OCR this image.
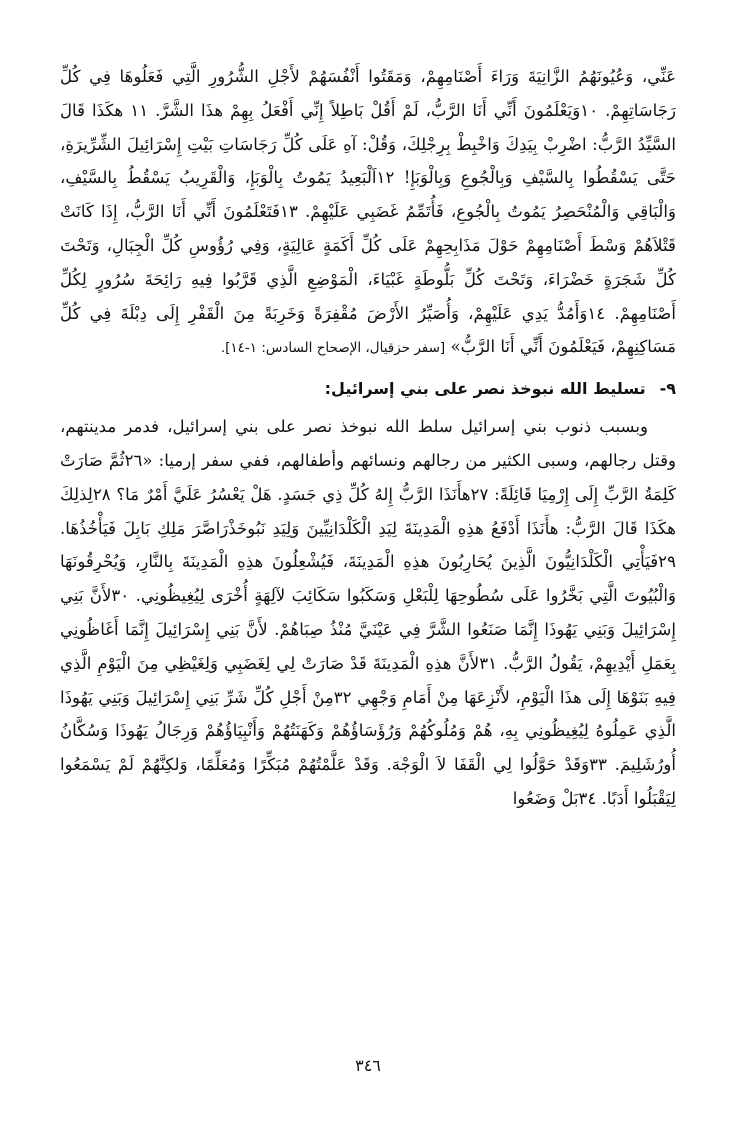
عَنِّي، وَعُيُونَهُمُ الزَّانِيَةَ وَرَاءَ أَصْنَامِهِمْ، وَمَقَتُوا أَنْفُسَهُمْ لأَجْلِ الشُّرُورِ الَّتِي فَعَلُوهَا فِي كُلِّ رَجَاسَاتِهِمْ. ١٠وَيَعْلَمُونَ أَنِّي أَنَا الرَّبُّ، لَمْ أَقُلْ بَاطِلاً إِنِّي أَفْعَلُ بِهِمْ هذَا الشَّرَّ. ١١ هكَذَا قَالَ السَّيِّدُ الرَّبُّ: اضْرِبْ بِيَدِكَ وَاخْبِطْ بِرِجْلِكَ، وَقُلْ: آهِ عَلَى كُلِّ رَجَاسَاتِ بَيْتِ إِسْرَائِيلَ الشِّرِّيرَةِ، حَتَّى يَسْقُطُوا بِالسَّيْفِ وَبِالْجُوعِ وَبِالْوَبَإِ! ١٢اَلْبَعِيدُ يَمُوتُ بِالْوَبَإِ، وَالْقَرِيبُ يَسْقُطُ بِالسَّيْفِ، وَالْبَاقِي وَالْمُنْحَصِرُ يَمُوتُ بِالْجُوعِ، فَأُتَمِّمُ غَضَبِي عَلَيْهِمْ. ١٣فَتَعْلَمُونَ أَنِّي أَنَا الرَّبُّ، إِذَا كَانَتْ قَتْلاَهُمْ وَسْطَ أَصْنَامِهِمْ حَوْلَ مَذَابِحِهِمْ عَلَى كُلِّ أَكَمَةٍ عَالِيَةٍ، وَفِي رُؤُوسِ كُلِّ الْجِبَالِ، وَتَحْتَ كُلِّ شَجَرَةٍ خَضْرَاءَ، وَتَحْتَ كُلِّ بَلُّوطَةٍ غَبْيَاءَ، الْمَوْضِعِ الَّذِي قَرَّبُوا فِيهِ رَائِحَةَ سُرُورٍ لِكُلِّ أَصْنَامِهِمْ. ١٤وَأَمُدُّ يَدِي عَلَيْهِمْ، وَأُصَيِّرُ الأَرْضَ مُقْفِرَةً وَخَرِبَةً مِنَ الْقَفْرِ إِلَى دِبْلَةَ فِي كُلِّ مَسَاكِنِهِمْ، فَيَعْلَمُونَ أَنِّي أَنَا الرَّبُّ» [سفر حزقيال، الإصحاح السادس: ١-١٤].

٩-تسليط الله نبوخذ نصر على بني إسرائيل:

وبسبب ذنوب بني إسرائيل سلط الله نبوخذ نصر على بني إسرائيل، فدمر مدينتهم، وقتل رجالهم، وسبى الكثير من رجالهم ونسائهم وأطفالهم، ففي سفر إرميا: «٢٦ثُمَّ صَارَتْ كَلِمَةُ الرَّبِّ إِلَى إِرْمِيَا قَائِلَةً: ٢٧هأَنَذَا الرَّبُّ إِلهُ كُلِّ ذِي جَسَدٍ. هَلْ يَعْسُرُ عَلَيَّ أَمْرٌ مَا؟ ٢٨لِذلِكَ هكَذَا قَالَ الرَّبُّ: هأَنَذَا أَدْفَعُ هذِهِ الْمَدِينَةَ لِيَدِ الْكَلْدَانِيِّينَ وَلِيَدِ نَبُوخَذْرَاصَّرَ مَلِكِ بَابِلَ فَيَأْخُذُهَا. ٢٩فَيَأْتِي الْكَلْدَانِيُّونَ الَّذِينَ يُحَارِبُونَ هذِهِ الْمَدِينَةَ، فَيُشْعِلُونَ هذِهِ الْمَدِينَةَ بِالنَّارِ، وَيُحْرِقُونَهَا وَالْبُيُوتَ الَّتِي بَخَّرُوا عَلَى سُطُوحِهَا لِلْبَعْلِ وَسَكَبُوا سَكَائِبَ لآلِهَةٍ أُخْرَى لِيُغِيظُونِي. ٣٠لأَنَّ بَنِي إِسْرَائِيلَ وَبَنِي يَهُوذَا إِنَّمَا صَنَعُوا الشَّرَّ فِي عَيْنَيَّ مُنْذُ صِبَاهُمْ. لأَنَّ بَنِي إِسْرَائِيلَ إِنَّمَا أَغَاظُونِي بِعَمَلِ أَيْدِيهِمْ، يَقُولُ الرَّبُّ. ٣١لأَنَّ هذِهِ الْمَدِينَةَ قَدْ صَارَتْ لِي لِغَضَبِي وَلِغَيْظِي مِنَ الْيَوْمِ الَّذِي فِيهِ بَنَوْهَا إِلَى هذَا الْيَوْمِ، لأَنْزِعَهَا مِنْ أَمَامِ وَجْهِي ٣٢مِنْ أَجْلِ كُلِّ شَرِّ بَنِي إِسْرَائِيلَ وَبَنِي يَهُوذَا الَّذِي عَمِلُوهُ لِيُغِيظُونِي بِهِ، هُمْ وَمُلُوكُهُمْ وَرُؤَسَاؤُهُمْ وَكَهَنَتُهُمْ وَأَنْبِيَاؤُهُمْ وَرِجَالُ يَهُوذَا وَسُكَّانُ أُورُشَلِيمَ. ٣٣وَقَدْ حَوَّلُوا لِي الْقَفَا لاَ الْوَجْهَ. وَقَدْ عَلَّمْتُهُمْ مُبَكِّرًا وَمُعَلِّمًا، وَلكِنَّهُمْ لَمْ يَسْمَعُوا لِيَقْبَلُوا أَدَبًا. ٣٤بَلْ وَضَعُوا

٣٤٦
